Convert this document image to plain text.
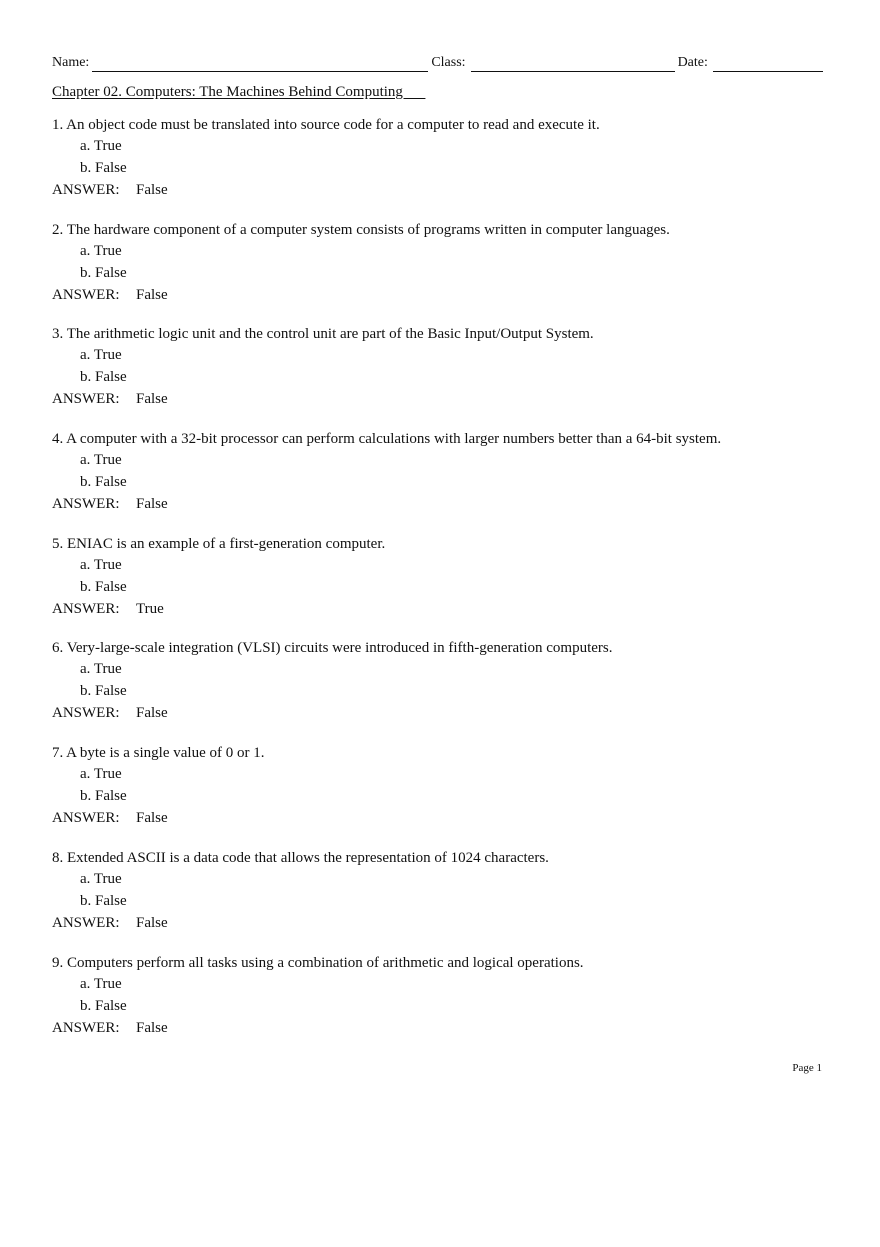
Name:	Class:	Date:
Chapter 02. Computers: The Machines Behind Computing
1. An object code must be translated into source code for a computer to read and execute it.
a. True
b. False
ANSWER: False
2. The hardware component of a computer system consists of programs written in computer languages.
a. True
b. False
ANSWER: False
3. The arithmetic logic unit and the control unit are part of the Basic Input/Output System.
a. True
b. False
ANSWER: False
4. A computer with a 32-bit processor can perform calculations with larger numbers better than a 64-bit system.
a. True
b. False
ANSWER: False
5. ENIAC is an example of a first-generation computer.
a. True
b. False
ANSWER: True
6. Very-large-scale integration (VLSI) circuits were introduced in fifth-generation computers.
a. True
b. False
ANSWER: False
7. A byte is a single value of 0 or 1.
a. True
b. False
ANSWER: False
8. Extended ASCII is a data code that allows the representation of 1024 characters.
a. True
b. False
ANSWER: False
9. Computers perform all tasks using a combination of arithmetic and logical operations.
a. True
b. False
ANSWER: False
Page 1
